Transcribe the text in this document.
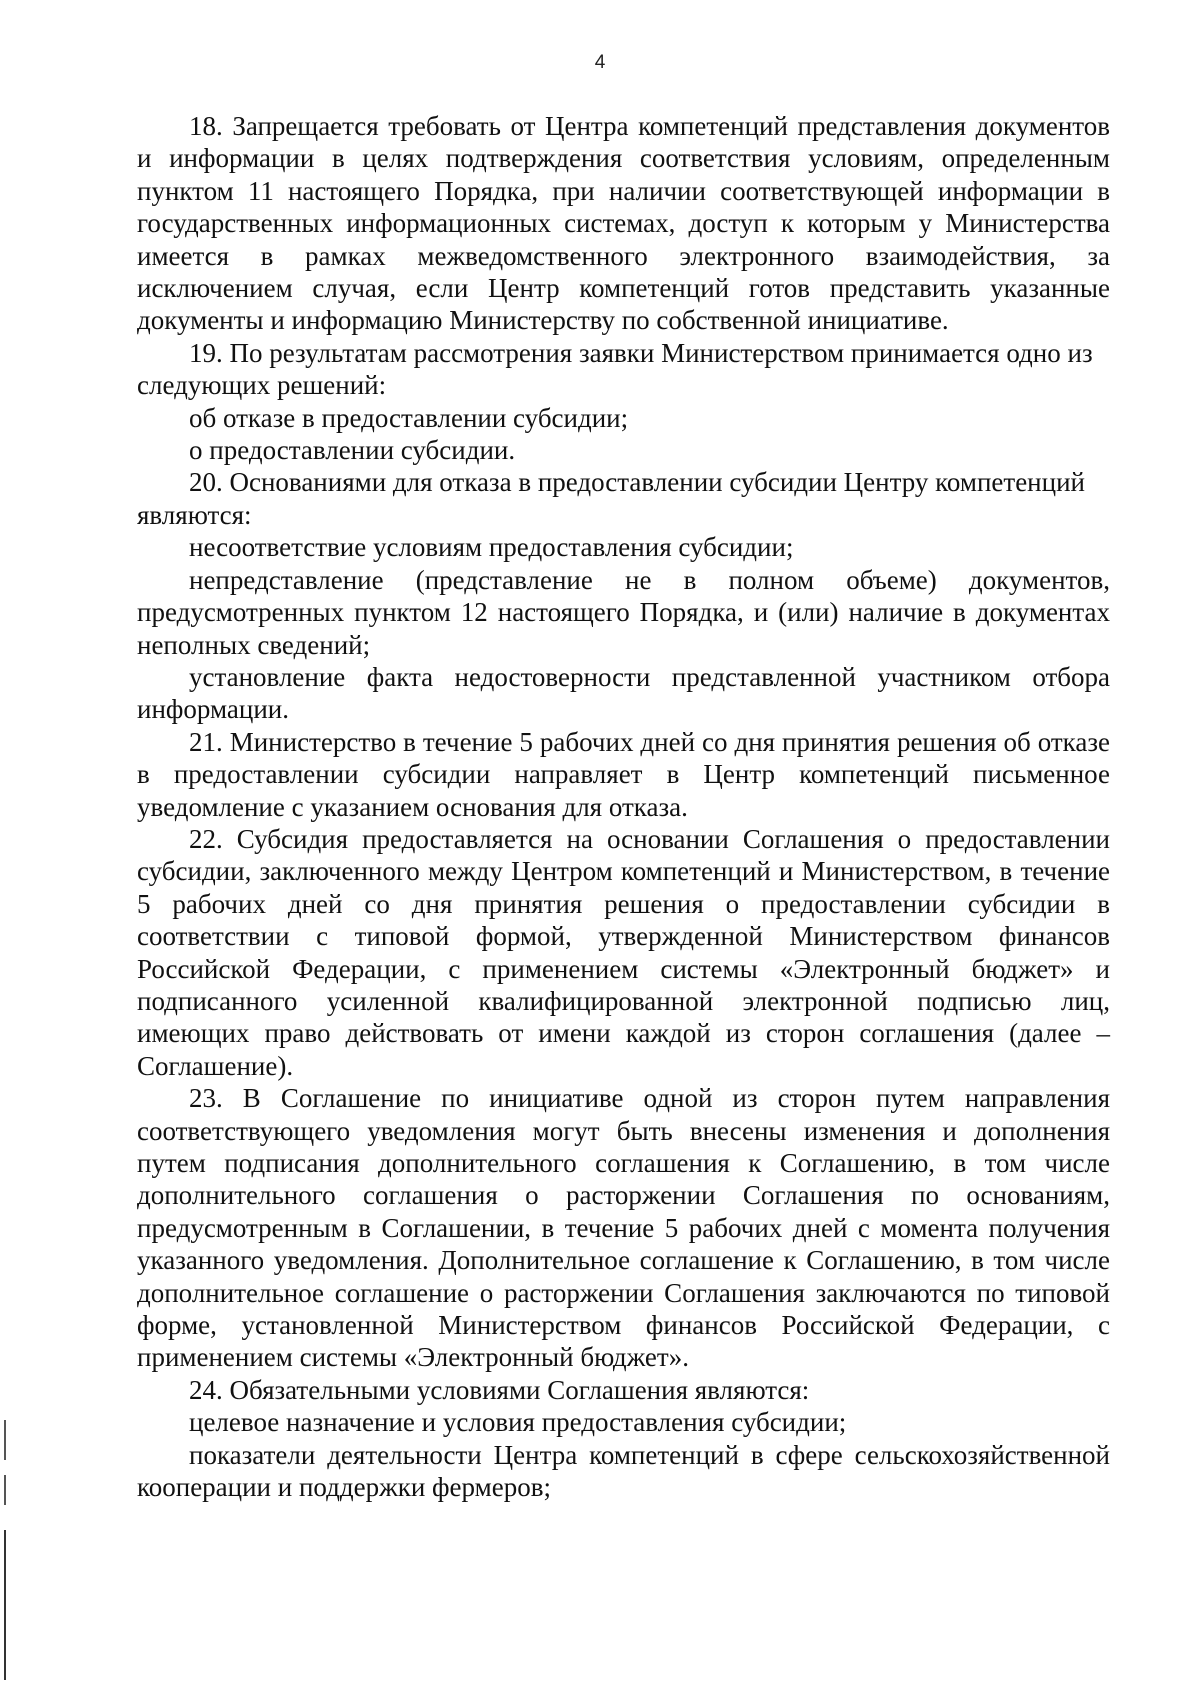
4

18. Запрещается требовать от Центра компетенций представления документов и информации в целях подтверждения соответствия условиям, определенным пунктом 11 настоящего Порядка, при наличии соответствующей информации в государственных информационных системах, доступ к которым у Министерства имеется в рамках межведомственного электронного взаимодействия, за исключением случая, если Центр компетенций готов представить указанные документы и информацию Министерству по собственной инициативе.

19. По результатам рассмотрения заявки Министерством принимается одно из следующих решений:

об отказе в предоставлении субсидии;

о предоставлении субсидии.

20. Основаниями для отказа в предоставлении субсидии Центру компетенций являются:

несоответствие условиям предоставления субсидии;

непредставление (представление не в полном объеме) документов, предусмотренных пунктом 12 настоящего Порядка, и (или) наличие в документах неполных сведений;

установление факта недостоверности представленной участником отбора информации.

21. Министерство в течение 5 рабочих дней со дня принятия решения об отказе в предоставлении субсидии направляет в Центр компетенций письменное уведомление с указанием основания для отказа.

22. Субсидия предоставляется на основании Соглашения о предоставлении субсидии, заключенного между Центром компетенций и Министерством, в течение 5 рабочих дней со дня принятия решения о предоставлении субсидии в соответствии с типовой формой, утвержденной Министерством финансов Российской Федерации, с применением системы «Электронный бюджет» и подписанного усиленной квалифицированной электронной подписью лиц, имеющих право действовать от имени каждой из сторон соглашения (далее – Соглашение).

23. В Соглашение по инициативе одной из сторон путем направления соответствующего уведомления могут быть внесены изменения и дополнения путем подписания дополнительного соглашения к Соглашению, в том числе дополнительного соглашения о расторжении Соглашения по основаниям, предусмотренным в Соглашении, в течение 5 рабочих дней с момента получения указанного уведомления. Дополнительное соглашение к Соглашению, в том числе дополнительное соглашение о расторжении Соглашения заключаются по типовой форме, установленной Министерством финансов Российской Федерации, с применением системы «Электронный бюджет».

24. Обязательными условиями Соглашения являются:

целевое назначение и условия предоставления субсидии;

показатели деятельности Центра компетенций в сфере сельскохозяйственной кооперации и поддержки фермеров;
